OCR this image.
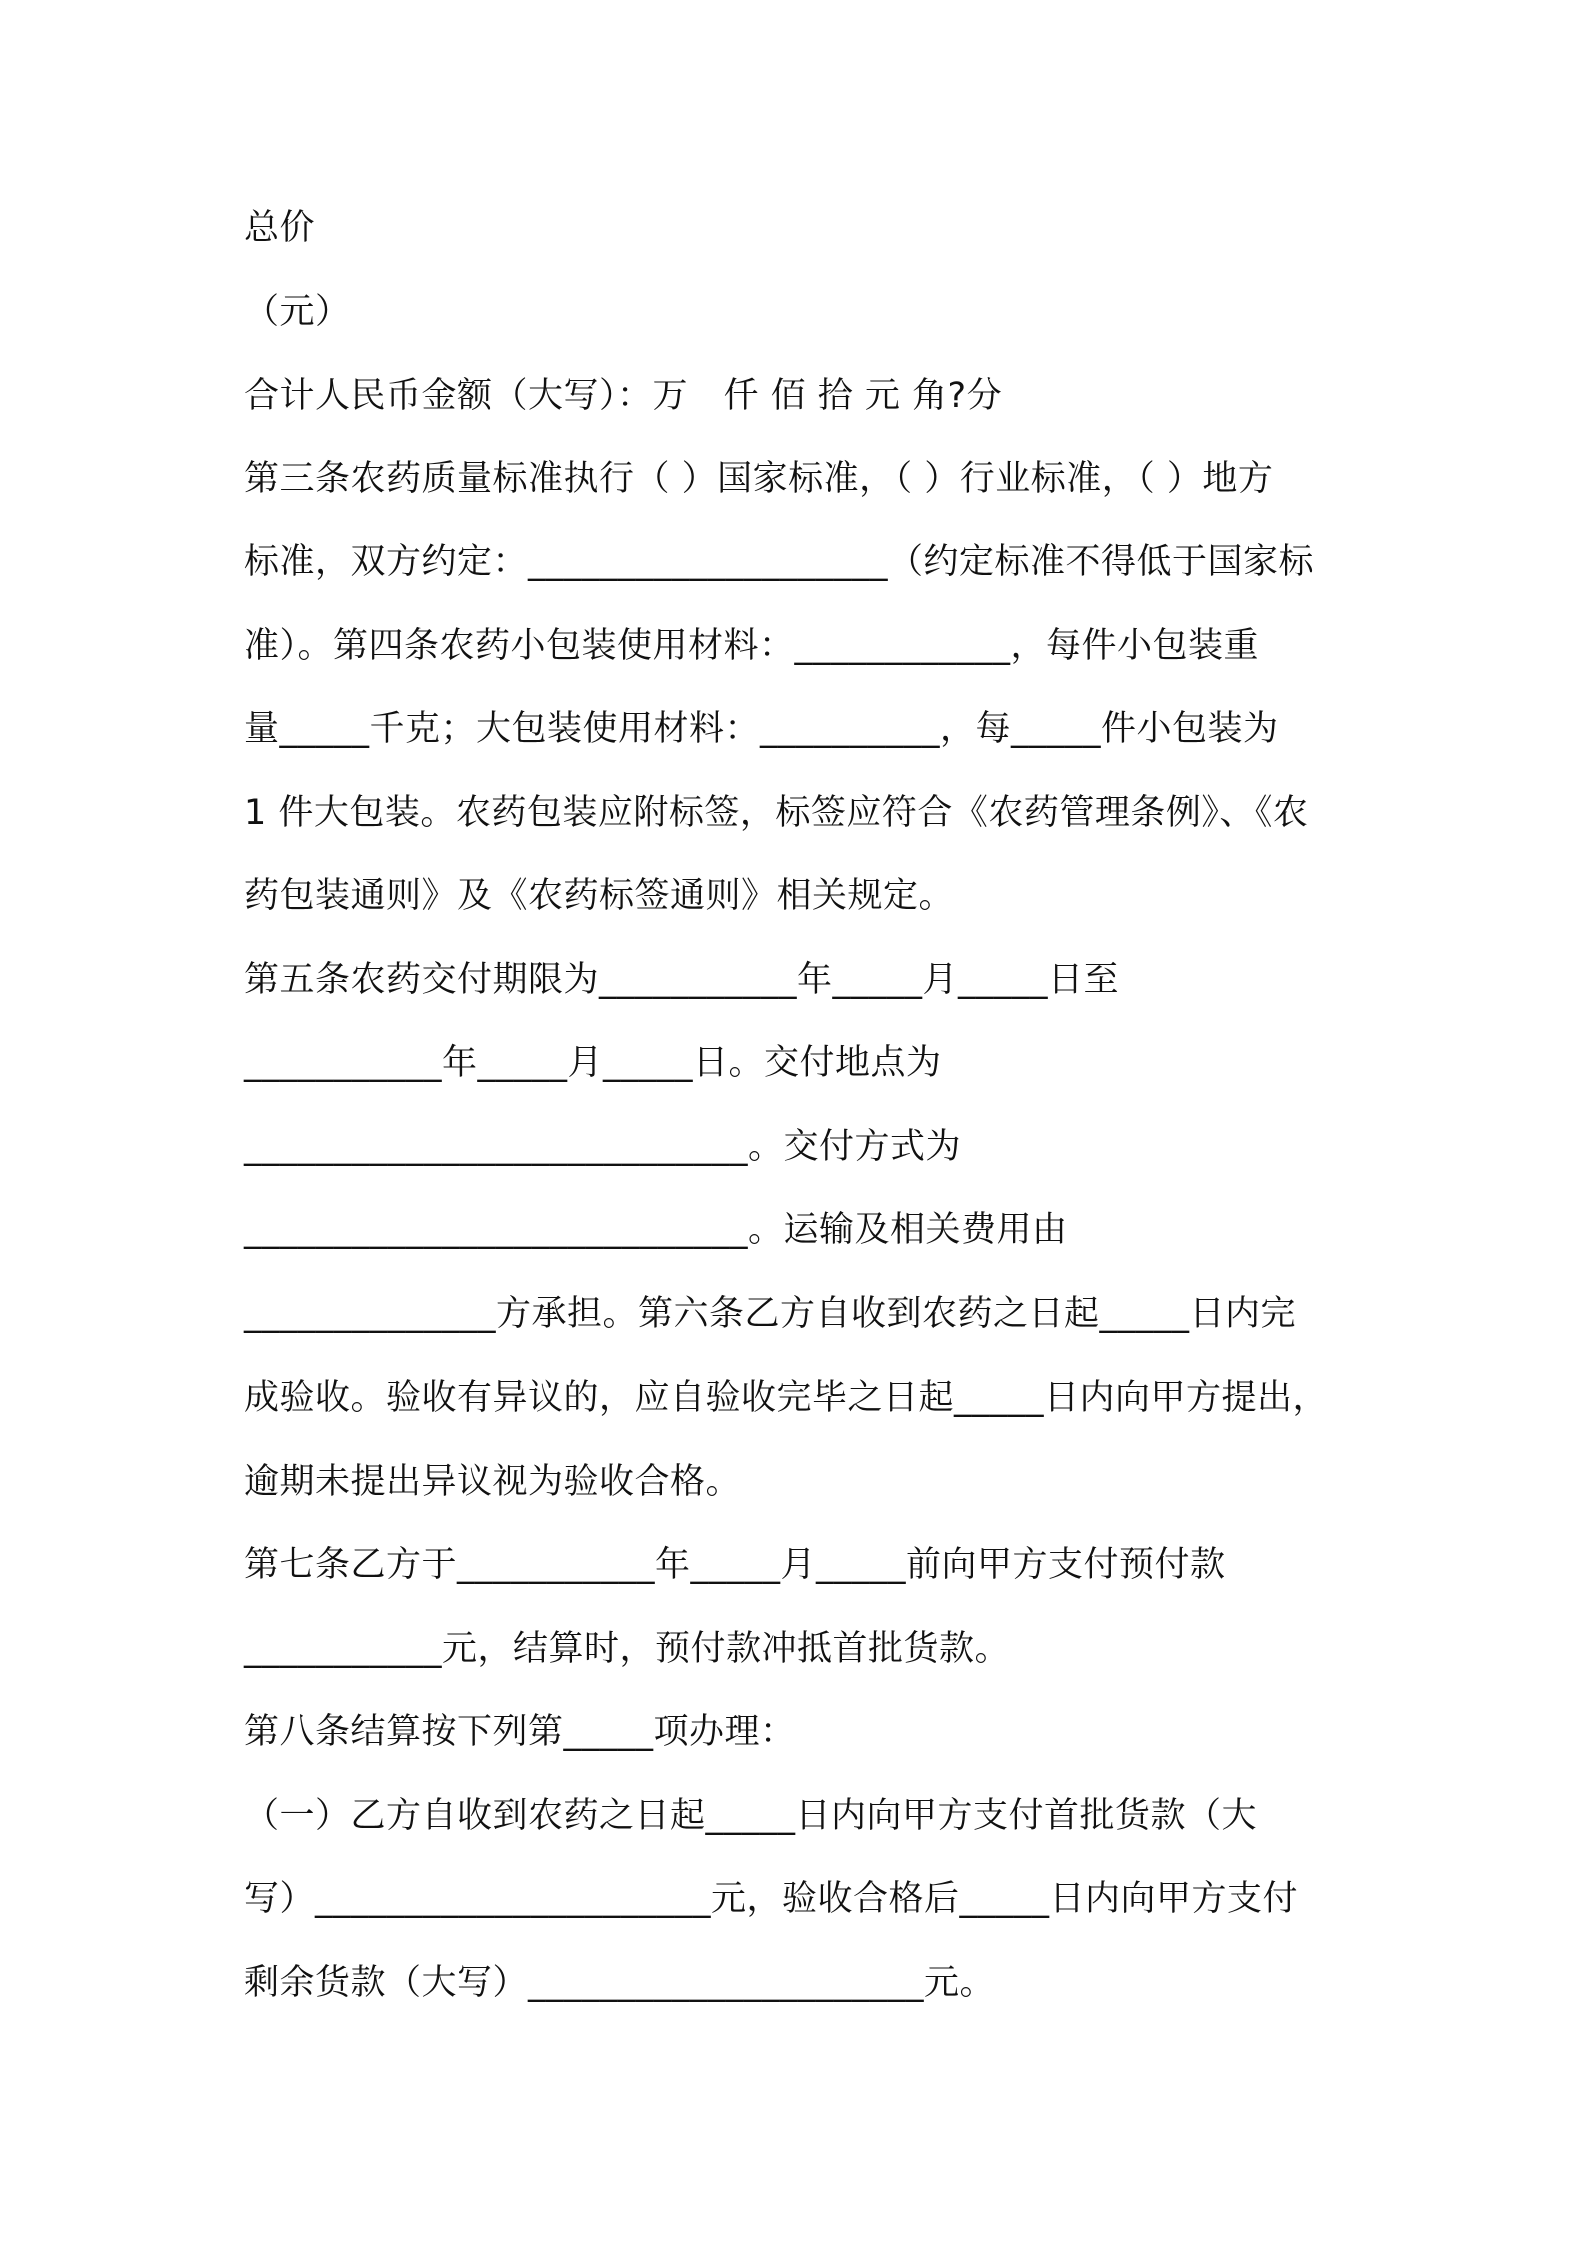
总价
（元）
合计人民币金额（大写）：万　仟 佰 拾 元 角?分
第三条农药质量标准执行（ ）国家标准，（ ）行业标准，（ ）地方
标准，双方约定：____________________（约定标准不得低于国家标
准）。第四条农药小包装使用材料：____________，每件小包装重
量_____千克；大包装使用材料：__________，每_____件小包装为
1 件大包装。农药包装应附标签，标签应符合《农药管理条例》、《农
药包装通则》及《农药标签通则》相关规定。
第五条农药交付期限为___________年_____月_____日至
___________年_____月_____日。交付地点为
____________________________。交付方式为
____________________________。运输及相关费用由
______________方承担。第六条乙方自收到农药之日起_____日内完
成验收。验收有异议的，应自验收完毕之日起_____日内向甲方提出，
逾期未提出异议视为验收合格。
第七条乙方于___________年_____月_____前向甲方支付预付款
___________元，结算时，预付款冲抵首批货款。
第八条结算按下列第_____项办理：
（一）乙方自收到农药之日起_____日内向甲方支付首批货款（大
写）______________________元，验收合格后_____日内向甲方支付
剩余货款（大写）______________________元。
